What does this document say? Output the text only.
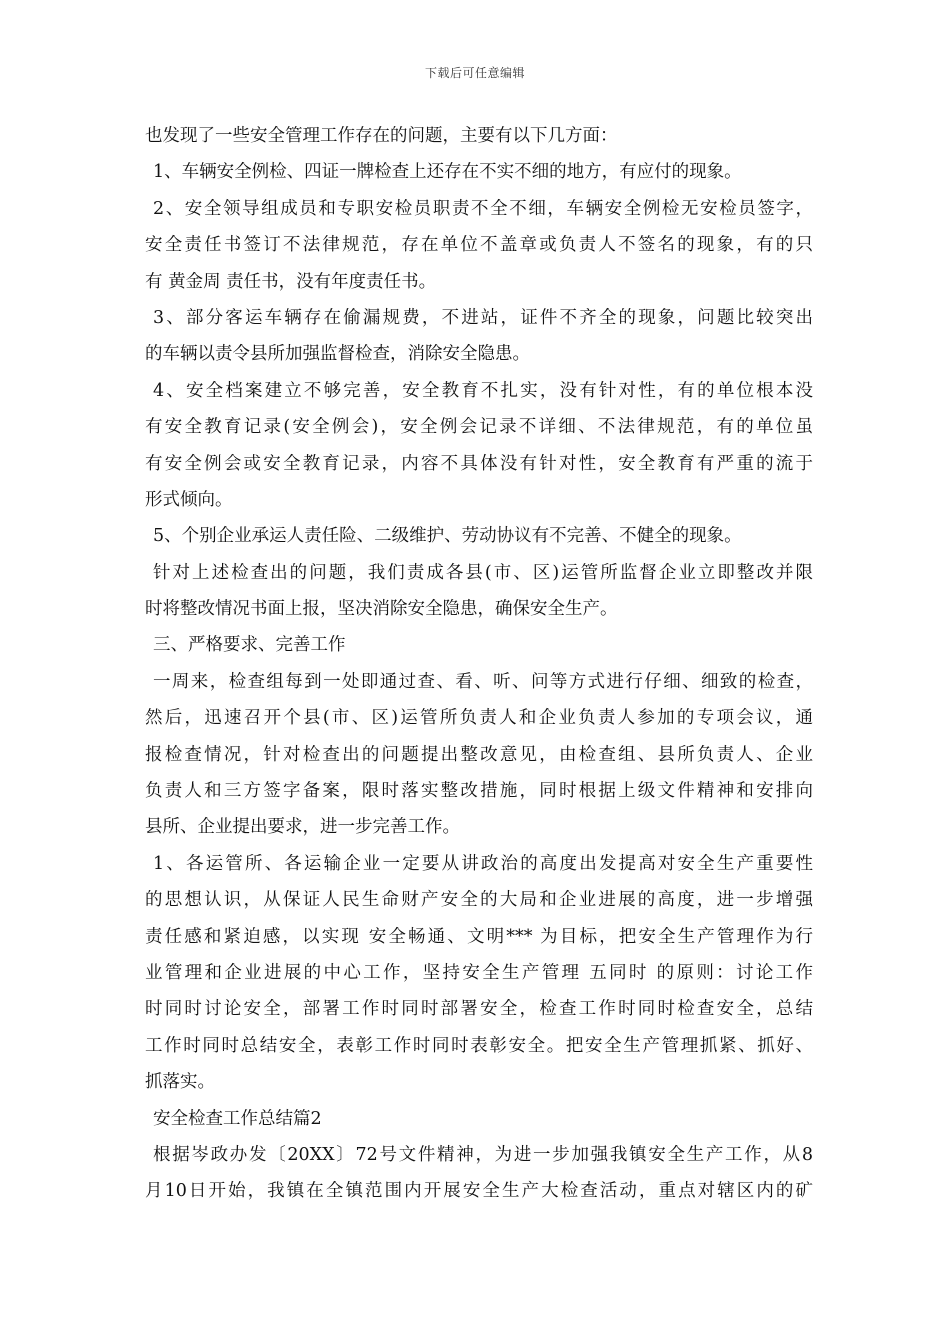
下载后可任意编辑
也发现了一些安全管理工作存在的问题，主要有以下几方面：
1、车辆安全例检、四证一牌检查上还存在不实不细的地方，有应付的现象。
2、安全领导组成员和专职安检员职责不全不细，车辆安全例检无安检员签字，
安全责任书签订不法律规范，存在单位不盖章或负责人不签名的现象，有的只
有 黄金周 责任书，没有年度责任书。
3、部分客运车辆存在偷漏规费，不进站，证件不齐全的现象，问题比较突出
的车辆以责令县所加强监督检查，消除安全隐患。
4、安全档案建立不够完善，安全教育不扎实，没有针对性，有的单位根本没
有安全教育记录(安全例会)，安全例会记录不详细、不法律规范，有的单位虽
有安全例会或安全教育记录，内容不具体没有针对性，安全教育有严重的流于
形式倾向。
5、个别企业承运人责任险、二级维护、劳动协议有不完善、不健全的现象。
针对上述检查出的问题，我们责成各县(市、区)运管所监督企业立即整改并限
时将整改情况书面上报，坚决消除安全隐患，确保安全生产。
三、严格要求、完善工作
一周来，检查组每到一处即通过查、看、听、问等方式进行仔细、细致的检查，
然后，迅速召开个县(市、区)运管所负责人和企业负责人参加的专项会议，通
报检查情况，针对检查出的问题提出整改意见，由检查组、县所负责人、企业
负责人和三方签字备案，限时落实整改措施，同时根据上级文件精神和安排向
县所、企业提出要求，进一步完善工作。
1、各运管所、各运输企业一定要从讲政治的高度出发提高对安全生产重要性
的思想认识，从保证人民生命财产安全的大局和企业进展的高度，进一步增强
责任感和紧迫感，以实现 安全畅通、文明*** 为目标，把安全生产管理作为行
业管理和企业进展的中心工作，坚持安全生产管理 五同时 的原则：讨论工作
时同时讨论安全，部署工作时同时部署安全，检查工作时同时检查安全，总结
工作时同时总结安全，表彰工作时同时表彰安全。把安全生产管理抓紧、抓好、
抓落实。
安全检查工作总结篇2
根据岑政办发〔20XX〕72号文件精神，为进一步加强我镇安全生产工作，从8
月10日开始，我镇在全镇范围内开展安全生产大检查活动，重点对辖区内的矿
